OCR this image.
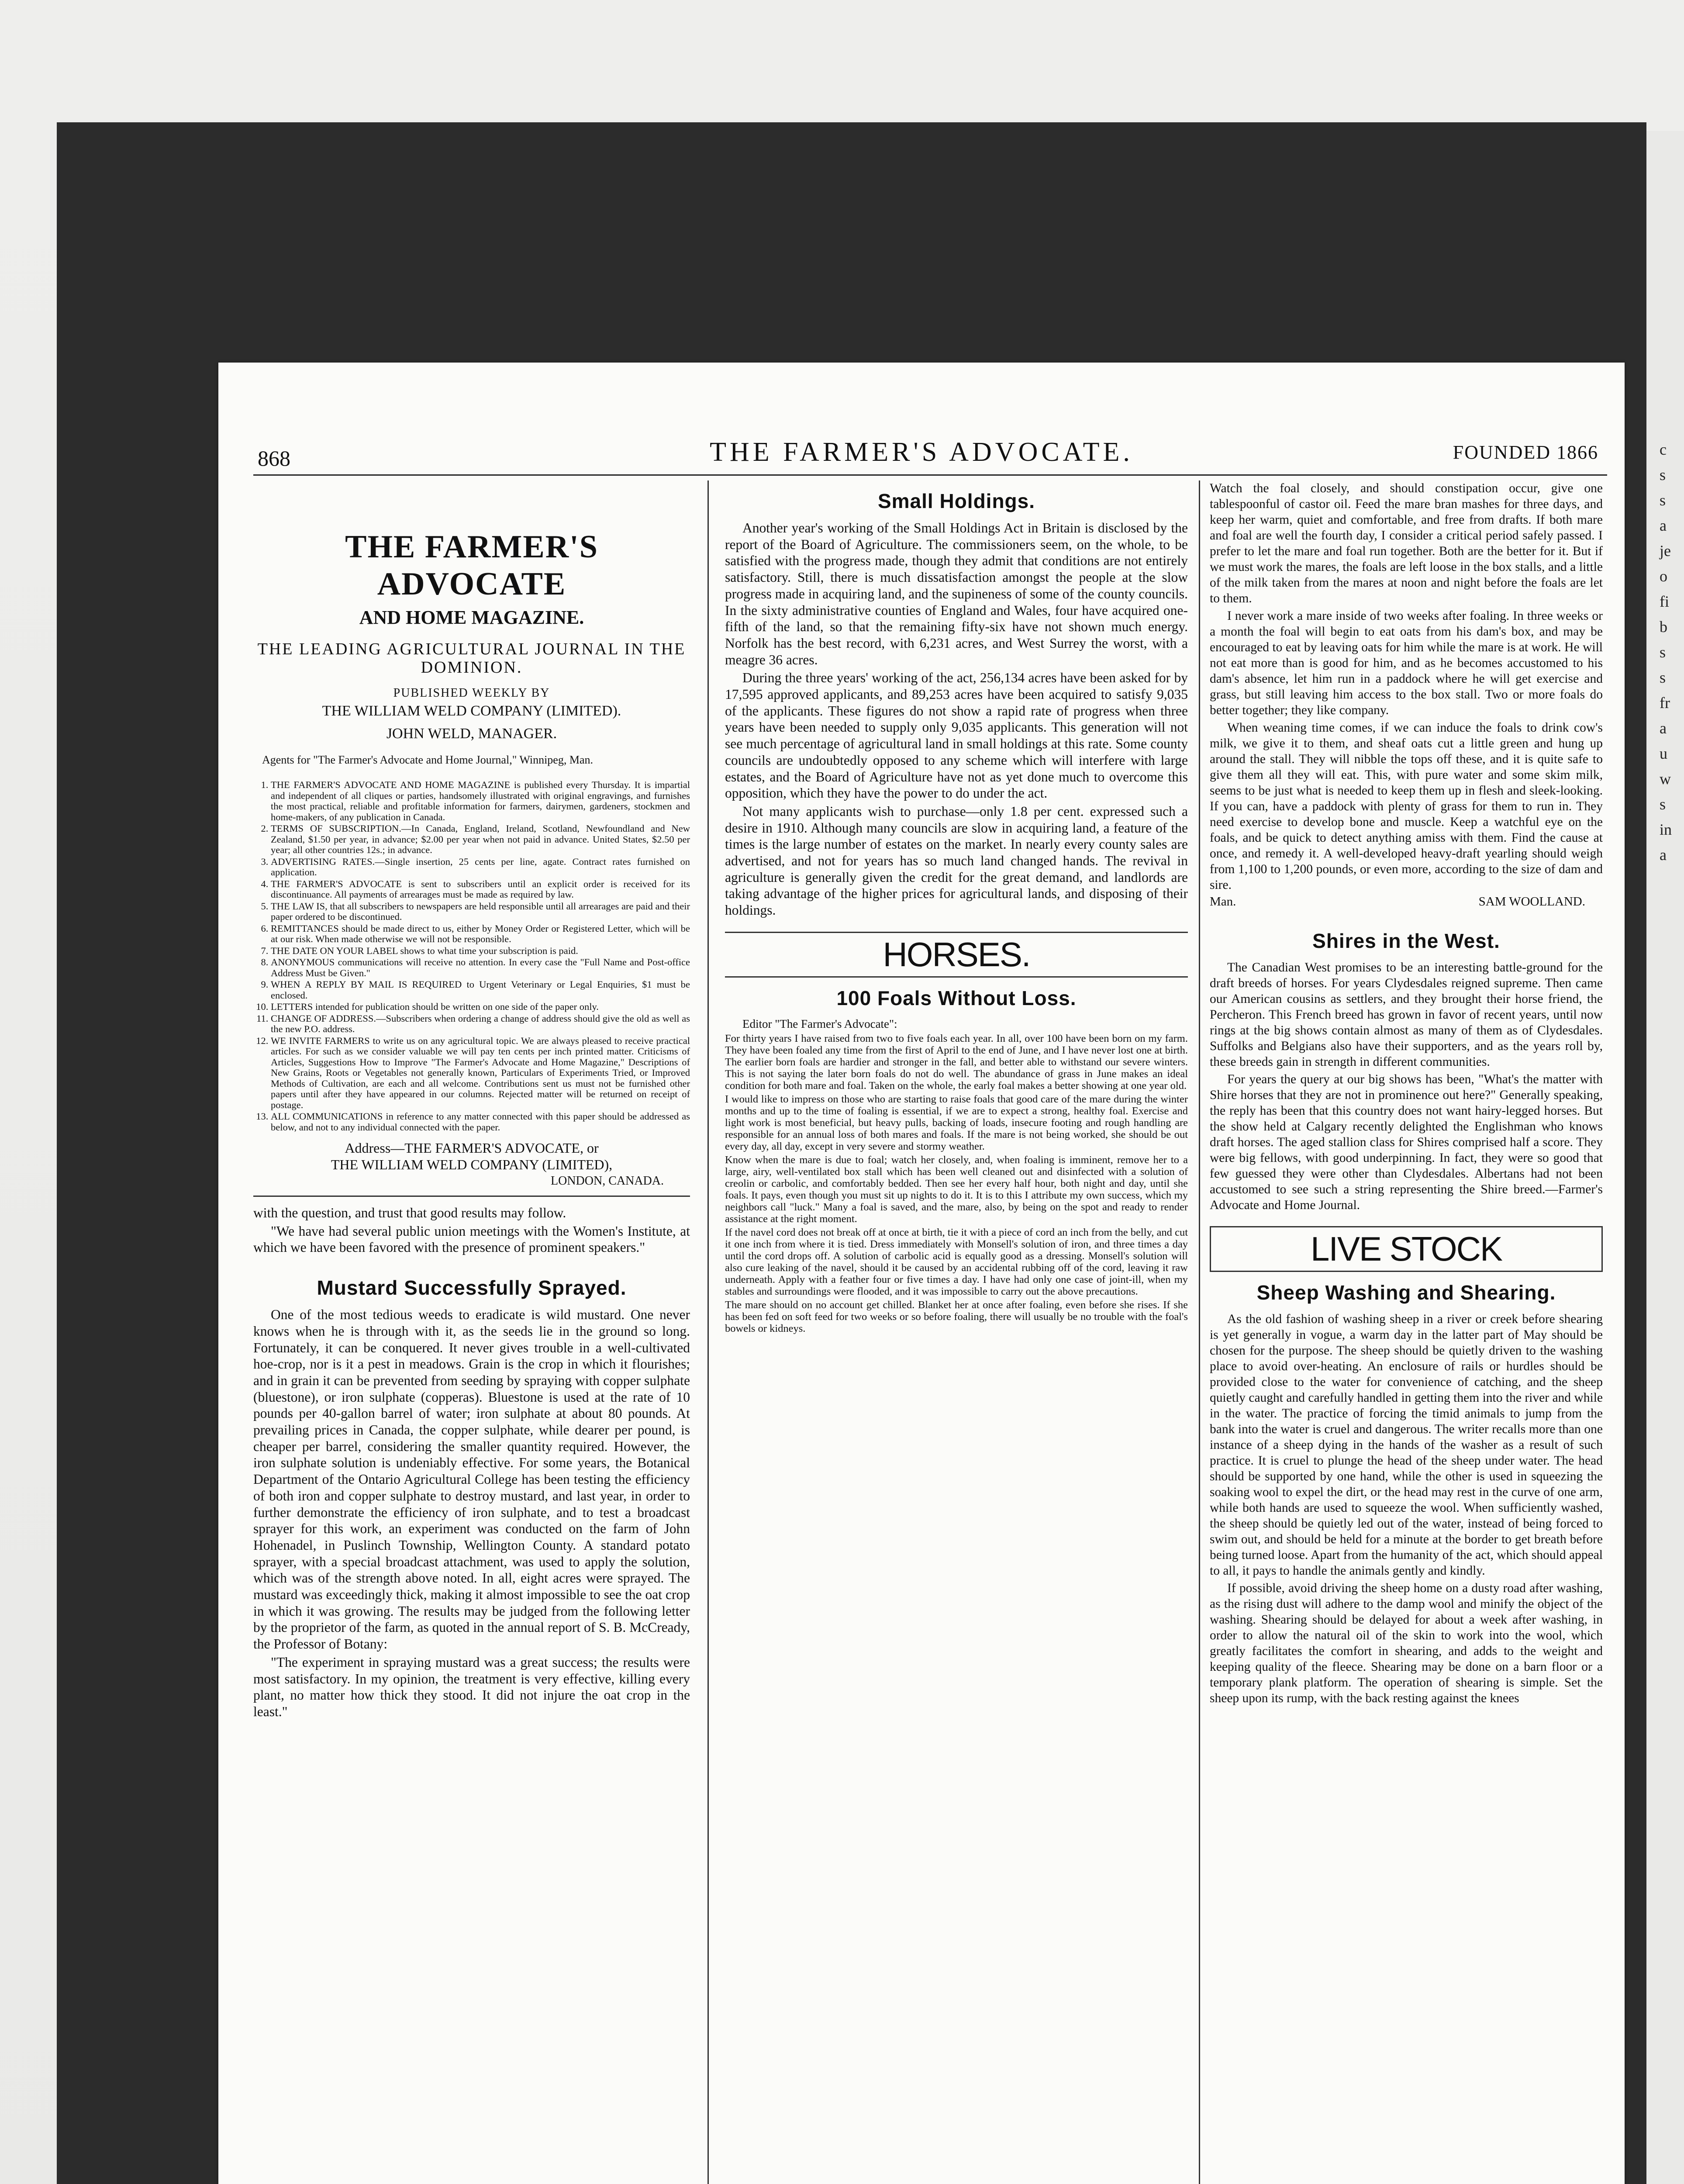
c
s
s
a
je
o
fi
b
s
s
fr
a
u
w
s
in
a
868	THE FARMER'S ADVOCATE.	FOUNDED 1866
THE FARMER'S ADVOCATE
AND HOME MAGAZINE.
THE LEADING AGRICULTURAL JOURNAL IN THE DOMINION.
PUBLISHED WEEKLY BY
THE WILLIAM WELD COMPANY (LIMITED).
JOHN WELD, MANAGER.
Agents for "The Farmer's Advocate and Home Journal," Winnipeg, Man.
1. THE FARMER'S ADVOCATE AND HOME MAGAZINE is published every Thursday. It is impartial and independent of all cliques or parties, handsomely illustrated with original engravings, and furnishes the most practical, reliable and profitable information for farmers, dairymen, gardeners, stockmen and home-makers, of any publication in Canada.
2. TERMS OF SUBSCRIPTION.—In Canada, England, Ireland, Scotland, Newfoundland and New Zealand, $1.50 per year, in advance; $2.00 per year when not paid in advance. United States, $2.50 per year; all other countries 12s.; in advance.
3. ADVERTISING RATES.—Single insertion, 25 cents per line, agate. Contract rates furnished on application.
4. THE FARMER'S ADVOCATE is sent to subscribers until an explicit order is received for its discontinuance. All payments of arrearages must be made as required by law.
5. THE LAW IS, that all subscribers to newspapers are held responsible until all arrearages are paid and their paper ordered to be discontinued.
6. REMITTANCES should be made direct to us, either by Money Order or Registered Letter, which will be at our risk. When made otherwise we will not be responsible.
7. THE DATE ON YOUR LABEL shows to what time your subscription is paid.
8. ANONYMOUS communications will receive no attention. In every case the "Full Name and Post-office Address Must be Given."
9. WHEN A REPLY BY MAIL IS REQUIRED to Urgent Veterinary or Legal Enquiries, $1 must be enclosed.
10. LETTERS intended for publication should be written on one side of the paper only.
11. CHANGE OF ADDRESS.—Subscribers when ordering a change of address should give the old as well as the new P.O. address.
12. WE INVITE FARMERS to write us on any agricultural topic. We are always pleased to receive practical articles. For such as we consider valuable we will pay ten cents per inch printed matter. Criticisms of Articles, Suggestions How to Improve "The Farmer's Advocate and Home Magazine," Descriptions of New Grains, Roots or Vegetables not generally known, Particulars of Experiments Tried, or Improved Methods of Cultivation, are each and all welcome. Contributions sent us must not be furnished other papers until after they have appeared in our columns. Rejected matter will be returned on receipt of postage.
13. ALL COMMUNICATIONS in reference to any matter connected with this paper should be addressed as below, and not to any individual connected with the paper.
Address—THE FARMER'S ADVOCATE, or
THE WILLIAM WELD COMPANY (LIMITED),
LONDON, CANADA.

with the question, and trust that good results may follow.

"We have had several public union meetings with the Women's Institute, at which we have been favored with the presence of prominent speakers."

Mustard Successfully Sprayed.

One of the most tedious weeds to eradicate is wild mustard. One never knows when he is through with it, as the seeds lie in the ground so long. Fortunately, it can be conquered. It never gives trouble in a well-cultivated hoe-crop, nor is it a pest in meadows. Grain is the crop in which it flourishes; and in grain it can be prevented from seeding by spraying with copper sulphate (bluestone), or iron sulphate (copperas). Bluestone is used at the rate of 10 pounds per 40-gallon barrel of water; iron sulphate at about 80 pounds. At prevailing prices in Canada, the copper sulphate, while dearer per pound, is cheaper per barrel, considering the smaller quantity required. However, the iron sulphate solution is undeniably effective. For some years, the Botanical Department of the Ontario Agricultural College has been testing the efficiency of both iron and copper sulphate to destroy mustard, and last year, in order to further demonstrate the efficiency of iron sulphate, and to test a broadcast sprayer for this work, an experiment was conducted on the farm of John Hohenadel, in Puslinch Township, Wellington County. A standard potato sprayer, with a special broadcast attachment, was used to apply the solution, which was of the strength above noted. In all, eight acres were sprayed. The mustard was exceedingly thick, making it almost impossible to see the oat crop in which it was growing. The results may be judged from the following letter by the proprietor of the farm, as quoted in the annual report of S. B. McCready, the Professor of Botany:

"The experiment in spraying mustard was a great success; the results were most satisfactory. In my opinion, the treatment is very effective, killing every plant, no matter how thick they stood. It did not injure the oat crop in the least."

Small Holdings.

Another year's working of the Small Holdings Act in Britain is disclosed by the report of the Board of Agriculture. The commissioners seem, on the whole, to be satisfied with the progress made, though they admit that conditions are not entirely satisfactory. Still, there is much dissatisfaction amongst the people at the slow progress made in acquiring land, and the supineness of some of the county councils. In the sixty administrative counties of England and Wales, four have acquired one-fifth of the land, so that the remaining fifty-six have not shown much energy. Norfolk has the best record, with 6,231 acres, and West Surrey the worst, with a meagre 36 acres.

During the three years' working of the act, 256,134 acres have been asked for by 17,595 approved applicants, and 89,253 acres have been acquired to satisfy 9,035 of the applicants. These figures do not show a rapid rate of progress when three years have been needed to supply only 9,035 applicants. This generation will not see much percentage of agricultural land in small holdings at this rate. Some county councils are undoubtedly opposed to any scheme which will interfere with large estates, and the Board of Agriculture have not as yet done much to overcome this opposition, which they have the power to do under the act.

Not many applicants wish to purchase—only 1.8 per cent. expressed such a desire in 1910. Although many councils are slow in acquiring land, a feature of the times is the large number of estates on the market. In nearly every county sales are advertised, and not for years has so much land changed hands. The revival in agriculture is generally given the credit for the great demand, and landlords are taking advantage of the higher prices for agricultural lands, and disposing of their holdings.

HORSES.
100 Foals Without Loss.

Editor "The Farmer's Advocate":

For thirty years I have raised from two to five foals each year. In all, over 100 have been born on my farm. They have been foaled any time from the first of April to the end of June, and I have never lost one at birth. The earlier born foals are hardier and stronger in the fall, and better able to withstand our severe winters. This is not saying the later born foals do not do well. The abundance of grass in June makes an ideal condition for both mare and foal. Taken on the whole, the early foal makes a better showing at one year old.

I would like to impress on those who are starting to raise foals that good care of the mare during the winter months and up to the time of foaling is essential, if we are to expect a strong, healthy foal. Exercise and light work is most beneficial, but heavy pulls, backing of loads, insecure footing and rough handling are responsible for an annual loss of both mares and foals. If the mare is not being worked, she should be out every day, all day, except in very severe and stormy weather.

Know when the mare is due to foal; watch her closely, and, when foaling is imminent, remove her to a large, airy, well-ventilated box stall which has been well cleaned out and disinfected with a solution of creolin or carbolic, and comfortably bedded. Then see her every half hour, both night and day, until she foals. It pays, even though you must sit up nights to do it. It is to this I attribute my own success, which my neighbors call "luck." Many a foal is saved, and the mare, also, by being on the spot and ready to render assistance at the right moment.

If the navel cord does not break off at once at birth, tie it with a piece of cord an inch from the belly, and cut it one inch from where it is tied. Dress immediately with Monsell's solution of iron, and three times a day until the cord drops off. A solution of carbolic acid is equally good as a dressing. Monsell's solution will also cure leaking of the navel, should it be caused by an accidental rubbing off of the cord, leaving it raw underneath. Apply with a feather four or five times a day. I have had only one case of joint-ill, when my stables and surroundings were flooded, and it was impossible to carry out the above precautions.

The mare should on no account get chilled. Blanket her at once after foaling, even before she rises. If she has been fed on soft feed for two weeks or so before foaling, there will usually be no trouble with the foal's bowels or kidneys.

Watch the foal closely, and should constipation occur, give one tablespoonful of castor oil. Feed the mare bran mashes for three days, and keep her warm, quiet and comfortable, and free from drafts. If both mare and foal are well the fourth day, I consider a critical period safely passed. I prefer to let the mare and foal run together. Both are the better for it. But if we must work the mares, the foals are left loose in the box stalls, and a little of the milk taken from the mares at noon and night before the foals are let to them.

I never work a mare inside of two weeks after foaling. In three weeks or a month the foal will begin to eat oats from his dam's box, and may be encouraged to eat by leaving oats for him while the mare is at work. He will not eat more than is good for him, and as he becomes accustomed to his dam's absence, let him run in a paddock where he will get exercise and grass, but still leaving him access to the box stall. Two or more foals do better together; they like company.

When weaning time comes, if we can induce the foals to drink cow's milk, we give it to them, and sheaf oats cut a little green and hung up around the stall. They will nibble the tops off these, and it is quite safe to give them all they will eat. This, with pure water and some skim milk, seems to be just what is needed to keep them up in flesh and sleek-looking. If you can, have a paddock with plenty of grass for them to run in. They need exercise to develop bone and muscle. Keep a watchful eye on the foals, and be quick to detect anything amiss with them. Find the cause at once, and remedy it. A well-developed heavy-draft yearling should weigh from 1,100 to 1,200 pounds, or even more, according to the size of dam and sire.

Man.	SAM WOOLLAND.
Shires in the West.

The Canadian West promises to be an interesting battle-ground for the draft breeds of horses. For years Clydesdales reigned supreme. Then came our American cousins as settlers, and they brought their horse friend, the Percheron. This French breed has grown in favor of recent years, until now rings at the big shows contain almost as many of them as of Clydesdales. Suffolks and Belgians also have their supporters, and as the years roll by, these breeds gain in strength in different communities.

For years the query at our big shows has been, "What's the matter with Shire horses that they are not in prominence out here?" Generally speaking, the reply has been that this country does not want hairy-legged horses. But the show held at Calgary recently delighted the Englishman who knows draft horses. The aged stallion class for Shires comprised half a score. They were big fellows, with good underpinning. In fact, they were so good that few guessed they were other than Clydesdales. Albertans had not been accustomed to see such a string representing the Shire breed.—Farmer's Advocate and Home Journal.

LIVE STOCK
Sheep Washing and Shearing.

As the old fashion of washing sheep in a river or creek before shearing is yet generally in vogue, a warm day in the latter part of May should be chosen for the purpose. The sheep should be quietly driven to the washing place to avoid over-heating. An enclosure of rails or hurdles should be provided close to the water for convenience of catching, and the sheep quietly caught and carefully handled in getting them into the river and while in the water. The practice of forcing the timid animals to jump from the bank into the water is cruel and dangerous. The writer recalls more than one instance of a sheep dying in the hands of the washer as a result of such practice. It is cruel to plunge the head of the sheep under water. The head should be supported by one hand, while the other is used in squeezing the soaking wool to expel the dirt, or the head may rest in the curve of one arm, while both hands are used to squeeze the wool. When sufficiently washed, the sheep should be quietly led out of the water, instead of being forced to swim out, and should be held for a minute at the border to get breath before being turned loose. Apart from the humanity of the act, which should appeal to all, it pays to handle the animals gently and kindly.

If possible, avoid driving the sheep home on a dusty road after washing, as the rising dust will adhere to the damp wool and minify the object of the washing. Shearing should be delayed for about a week after washing, in order to allow the natural oil of the skin to work into the wool, which greatly facilitates the comfort in shearing, and adds to the weight and keeping quality of the fleece. Shearing may be done on a barn floor or a temporary plank platform. The operation of shearing is simple. Set the sheep upon its rump, with the back resting against the knees
